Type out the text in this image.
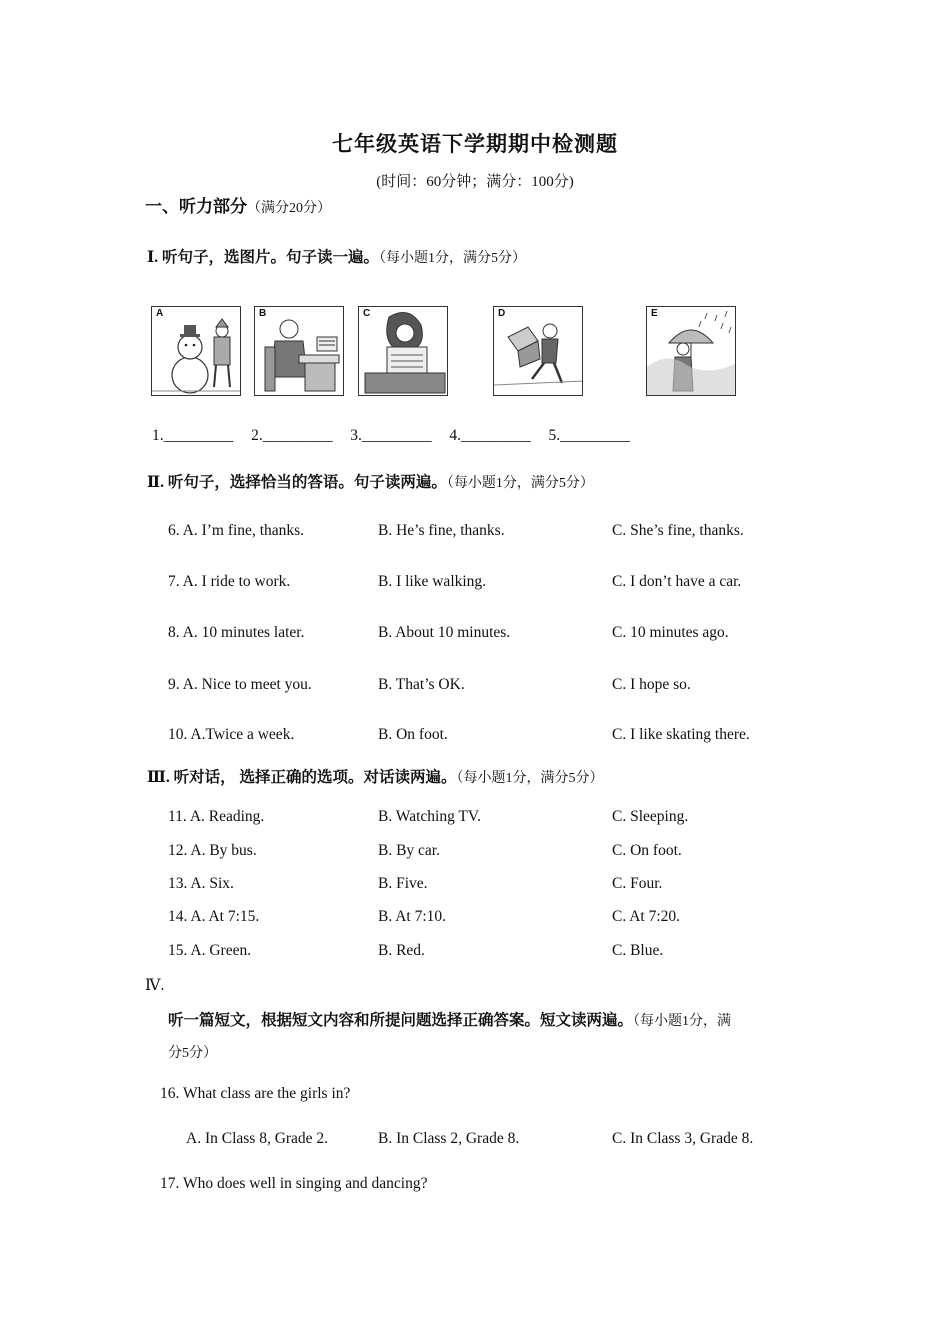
七年级英语下学期期中检测题
(时间：60分钟；满分：100分)
一、听力部分（满分20分）
Ⅰ. 听句子，选图片。句子读一遍。（每小题1分，满分5分）
A	B	C	D	E
1._________ 2._________ 3._________ 4._________ 5._________
Ⅱ. 听句子，选择恰当的答语。句子读两遍。（每小题1分，满分5分）
6. A. I’m fine, thanks.	B. He’s fine, thanks.	C. She’s fine, thanks.
7. A. I ride to work.	B. I like walking.	C. I don’t have a car.
8. A. 10 minutes later.	B. About 10 minutes.	C. 10 minutes ago.
9. A. Nice to meet you.	B. That’s OK.	C. I hope so.
10. A.Twice a week.	B. On foot.	C. I like skating there.
Ⅲ. 听对话， 选择正确的选项。对话读两遍。（每小题1分，满分5分）
11. A. Reading.	B. Watching TV.	C. Sleeping.
12. A. By bus.	B. By car.	C. On foot.
13. A. Six.	B. Five.	C. Four.
14. A. At 7:15.	B. At 7:10.	C. At 7:20.
15. A. Green.	B. Red.	C. Blue.
Ⅳ.
听一篇短文，根据短文内容和所提问题选择正确答案。短文读两遍。（每小题1分，满
分5分）
16. What class are the girls in?
A. In Class 8, Grade 2.	B. In Class 2, Grade 8.	C. In Class 3, Grade 8.
17. Who does well in singing and dancing?
